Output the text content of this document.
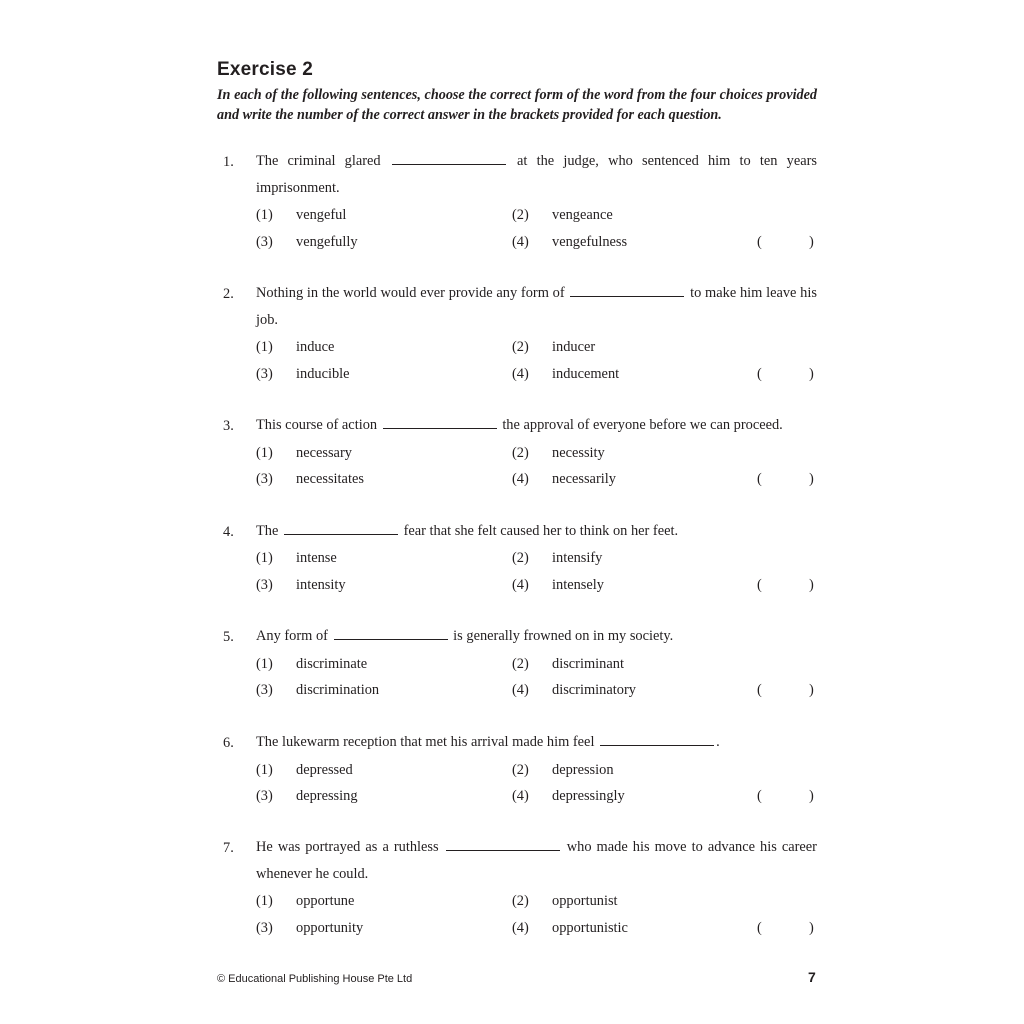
Exercise 2
In each of the following sentences, choose the correct form of the word from the four choices provided and write the number of the correct answer in the brackets provided for each question.
1. The criminal glared	at the judge, who sentenced him to ten years imprisonment.
(1) vengeful	(2) vengeance
(3) vengefully	(4) vengefulness	(	)
2. Nothing in the world would ever provide any form of	to make him leave his job.
(1) induce	(2) inducer
(3) inducible	(4) inducement	(	)
3. This course of action	the approval of everyone before we can proceed.
(1) necessary	(2) necessity
(3) necessitates	(4) necessarily	(	)
4. The	fear that she felt caused her to think on her feet.
(1) intense	(2) intensify
(3) intensity	(4) intensely	(	)
5. Any form of	is generally frowned on in my society.
(1) discriminate	(2) discriminant
(3) discrimination	(4) discriminatory	(	)
6. The lukewarm reception that met his arrival made him feel	.
(1) depressed	(2) depression
(3) depressing	(4) depressingly	(	)
7. He was portrayed as a ruthless	who made his move to advance his career whenever he could.
(1) opportune	(2) opportunist
(3) opportunity	(4) opportunistic	(	)
© Educational Publishing House Pte Ltd	7
